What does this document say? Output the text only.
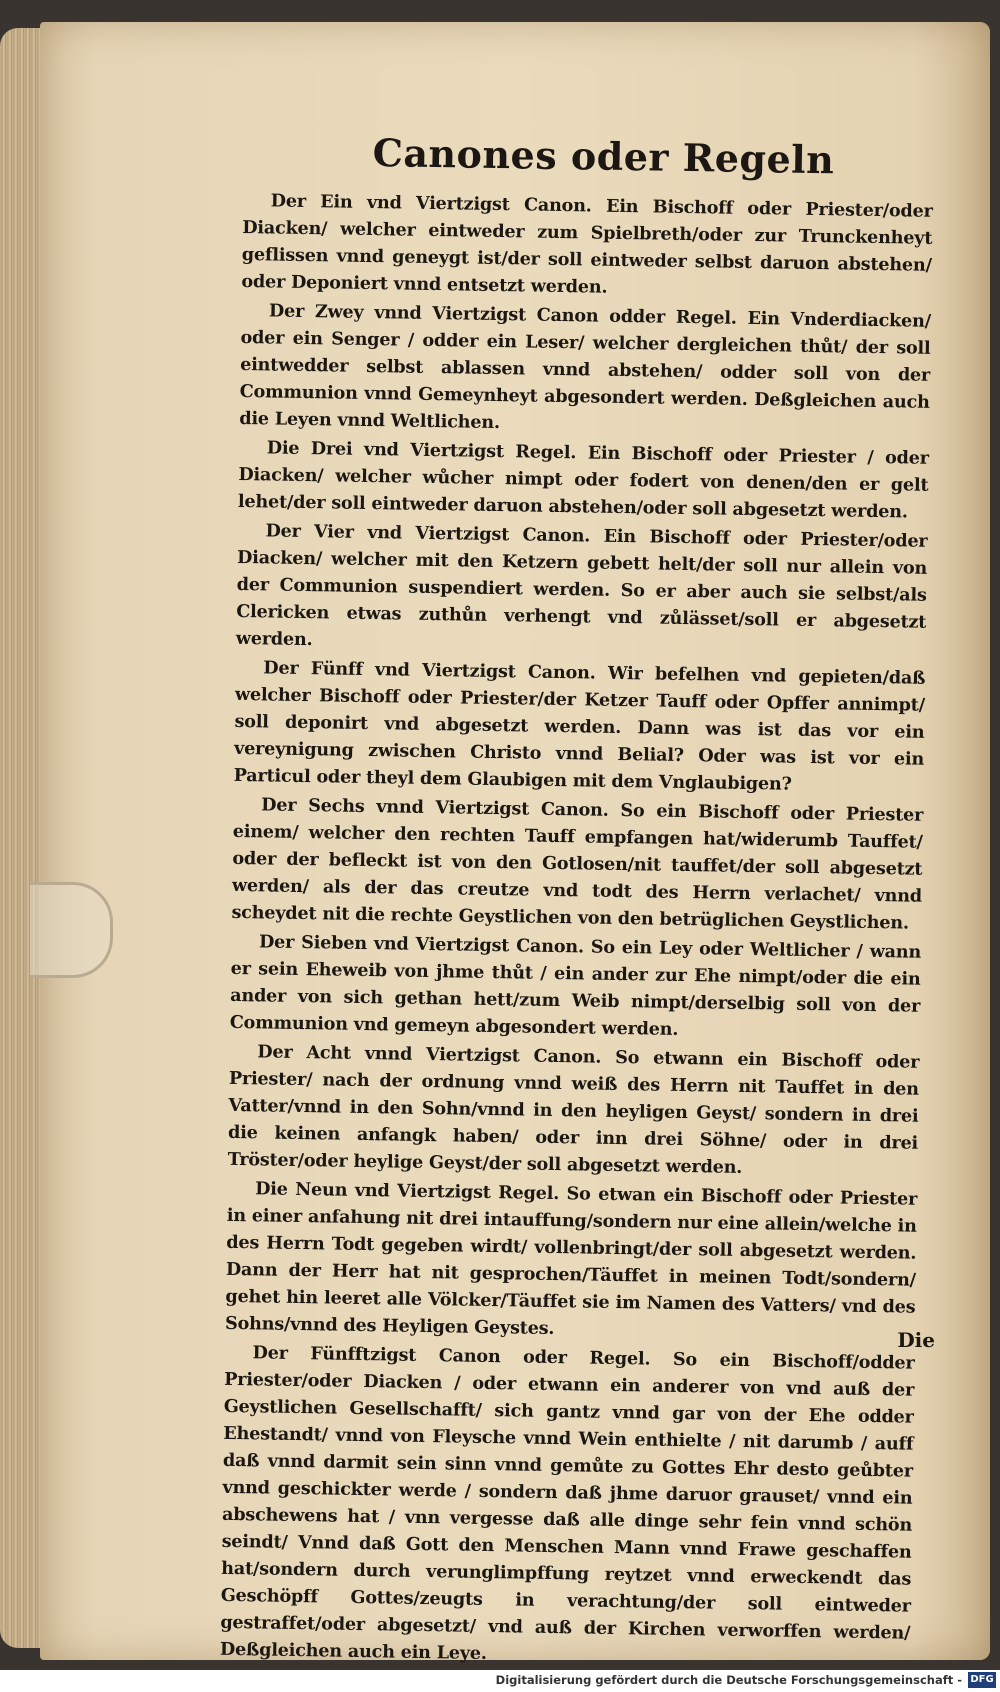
Canones oder Regeln

Der Ein vnd Viertzigst Canon. Ein Bischoff oder Priester/oder Diacken/ welcher eintweder zum Spielbreth/oder zur Trunckenheyt geflissen vnnd geneygt ist/der soll eintweder selbst daruon abstehen/ oder Deponiert vnnd entsetzt werden.

Der Zwey vnnd Viertzigst Canon odder Regel. Ein Vnderdiacken/ oder ein Senger / odder ein Leser/ welcher dergleichen thůt/ der soll eintwedder selbst ablassen vnnd abstehen/ odder soll von der Communion vnnd Gemeynheyt abgesondert werden. Deßgleichen auch die Leyen vnnd Weltlichen.

Die Drei vnd Viertzigst Regel. Ein Bischoff oder Priester / oder Diacken/ welcher wůcher nimpt oder fodert von denen/den er gelt lehet/der soll eintweder daruon abstehen/oder soll abgesetzt werden.

Der Vier vnd Viertzigst Canon. Ein Bischoff oder Priester/oder Diacken/ welcher mit den Ketzern gebett helt/der soll nur allein von der Communion suspendiert werden. So er aber auch sie selbst/als Clericken etwas zuthůn verhengt vnd zůlässet/soll er abgesetzt werden.

Der Fünff vnd Viertzigst Canon. Wir befelhen vnd gepieten/daß welcher Bischoff oder Priester/der Ketzer Tauff oder Opffer annimpt/ soll deponirt vnd abgesetzt werden. Dann was ist das vor ein vereynigung zwischen Christo vnnd Belial? Oder was ist vor ein Particul oder theyl dem Glaubigen mit dem Vnglaubigen?

Der Sechs vnnd Viertzigst Canon. So ein Bischoff oder Priester einem/ welcher den rechten Tauff empfangen hat/widerumb Tauffet/ oder der befleckt ist von den Gotlosen/nit tauffet/der soll abgesetzt werden/ als der das creutze vnd todt des Herrn verlachet/ vnnd scheydet nit die rechte Geystlichen von den betrüglichen Geystlichen.

Der Sieben vnd Viertzigst Canon. So ein Ley oder Weltlicher / wann er sein Eheweib von jhme thůt / ein ander zur Ehe nimpt/oder die ein ander von sich gethan hett/zum Weib nimpt/derselbig soll von der Communion vnd gemeyn abgesondert werden.

Der Acht vnnd Viertzigst Canon. So etwann ein Bischoff oder Priester/ nach der ordnung vnnd weiß des Herrn nit Tauffet in den Vatter/vnnd in den Sohn/vnnd in den heyligen Geyst/ sondern in drei die keinen anfangk haben/ oder inn drei Söhne/ oder in drei Tröster/oder heylige Geyst/der soll abgesetzt werden.

Die Neun vnd Viertzigst Regel. So etwan ein Bischoff oder Priester in einer anfahung nit drei intauffung/sondern nur eine allein/welche in des Herrn Todt gegeben wirdt/ vollenbringt/der soll abgesetzt werden. Dann der Herr hat nit gesprochen/Täuffet in meinen Todt/sondern/ gehet hin leeret alle Völcker/Täuffet sie im Namen des Vatters/ vnd des Sohns/vnnd des Heyligen Geystes.

Der Fünfftzigst Canon oder Regel. So ein Bischoff/odder Priester/oder Diacken / oder etwann ein anderer von vnd auß der Geystlichen Gesellschafft/ sich gantz vnnd gar von der Ehe odder Ehestandt/ vnnd von Fleysche vnnd Wein enthielte / nit darumb / auff daß vnnd darmit sein sinn vnnd gemůte zu Gottes Ehr desto geůbter vnnd geschickter werde / sondern daß jhme daruor grauset/ vnnd ein abschewens hat / vnn vergesse daß alle dinge sehr fein vnnd schön seindt/ Vnnd daß Gott den Menschen Mann vnnd Frawe geschaffen hat/sondern durch verunglimpffung reytzet vnnd erweckendt das Geschöpff Gottes/zeugts in verachtung/der soll eintweder gestraffet/oder abgesetzt/ vnd auß der Kirchen verworffen werden/ Deßgleichen auch ein Leye.

Die
Digitalisierung gefördert durch die Deutsche Forschungsgemeinschaft - DFG
